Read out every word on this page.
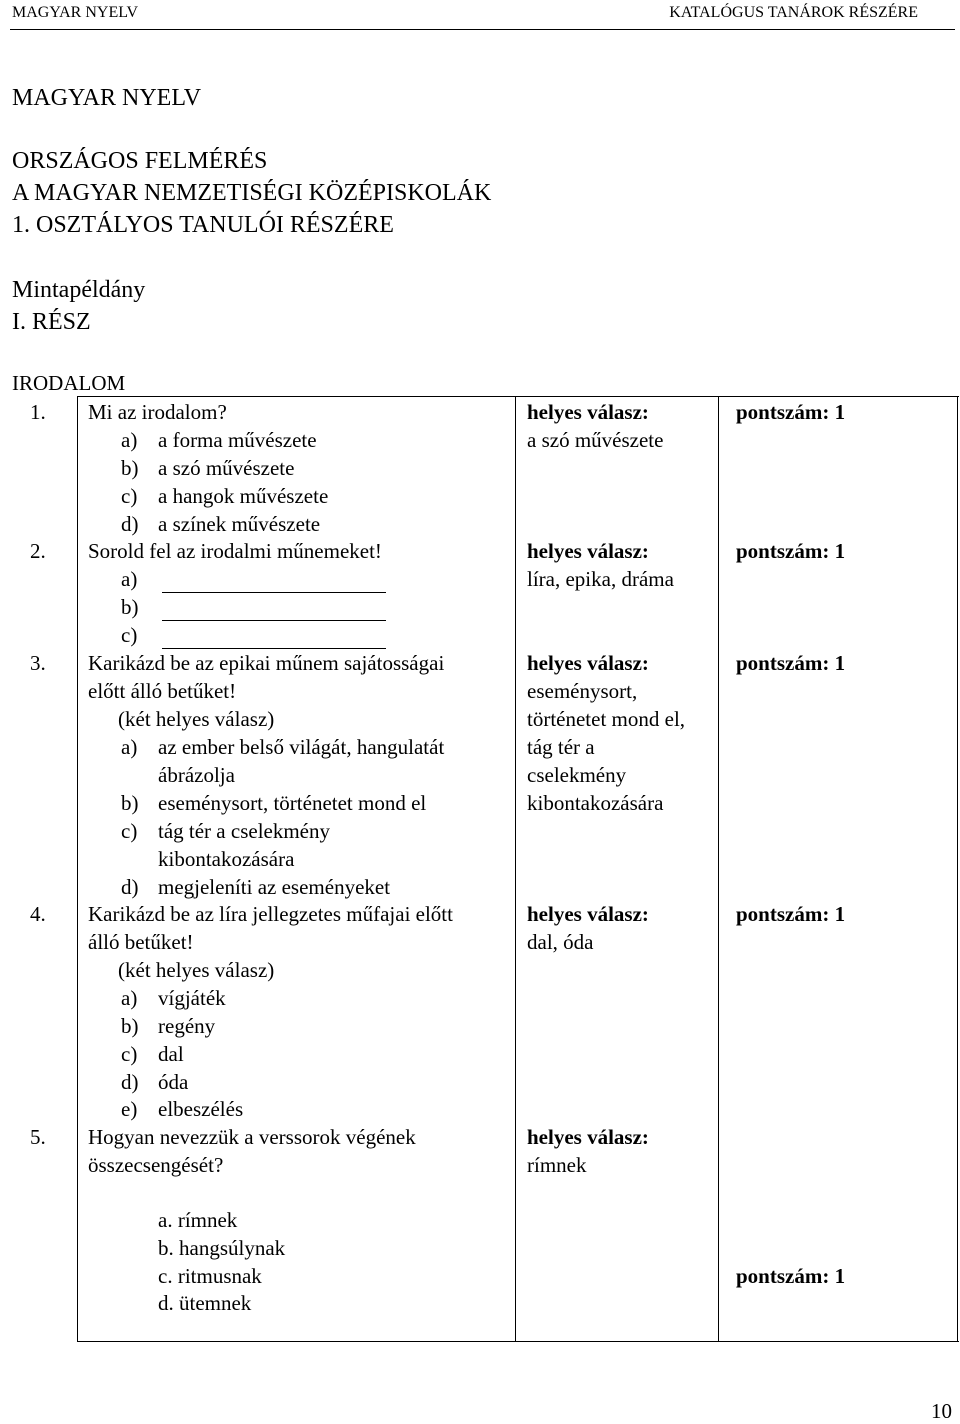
MAGYAR NYELV	KATALÓGUS TANÁROK RÉSZÉRE
MAGYAR NYELV
ORSZÁGOS FELMÉRÉS
A MAGYAR NEMZETISÉGI KÖZÉPISKOLÁK
1. OSZTÁLYOS TANULÓI RÉSZÉRE
Mintapéldány
I. RÉSZ
IRODALOM
1. Mi az irodalom?
a) a forma művészete
b) a szó művészete
c) a hangok művészete
d) a színek művészete
helyes válasz:
a szó művészete
pontszám: 1
2. Sorold fel az irodalmi műnemeket!
a)
b)
c)
helyes válasz:
líra, epika, dráma
pontszám: 1
3. Karikázd be az epikai műnem sajátosságai
előtt álló betűket!
(két helyes válasz)
a) az ember belső világát, hangulatát
ábrázolja
b) eseménysort, történetet mond el
c) tág tér a cselekmény
kibontakozására
d) megjeleníti az eseményeket
helyes válasz:
eseménysort,
történetet mond el,
tág tér a
cselekmény
kibontakozására
pontszám: 1
4. Karikázd be az líra jellegzetes műfajai előtt
álló betűket!
(két helyes válasz)
a) vígjáték
b) regény
c) dal
d) óda
e) elbeszélés
helyes válasz:
dal, óda
pontszám: 1
5. Hogyan nevezzük a verssorok végének
összecsengését?
a. rímnek
b. hangsúlynak
c. ritmusnak
d. ütemnek
helyes válasz:
rímnek
pontszám: 1
10
